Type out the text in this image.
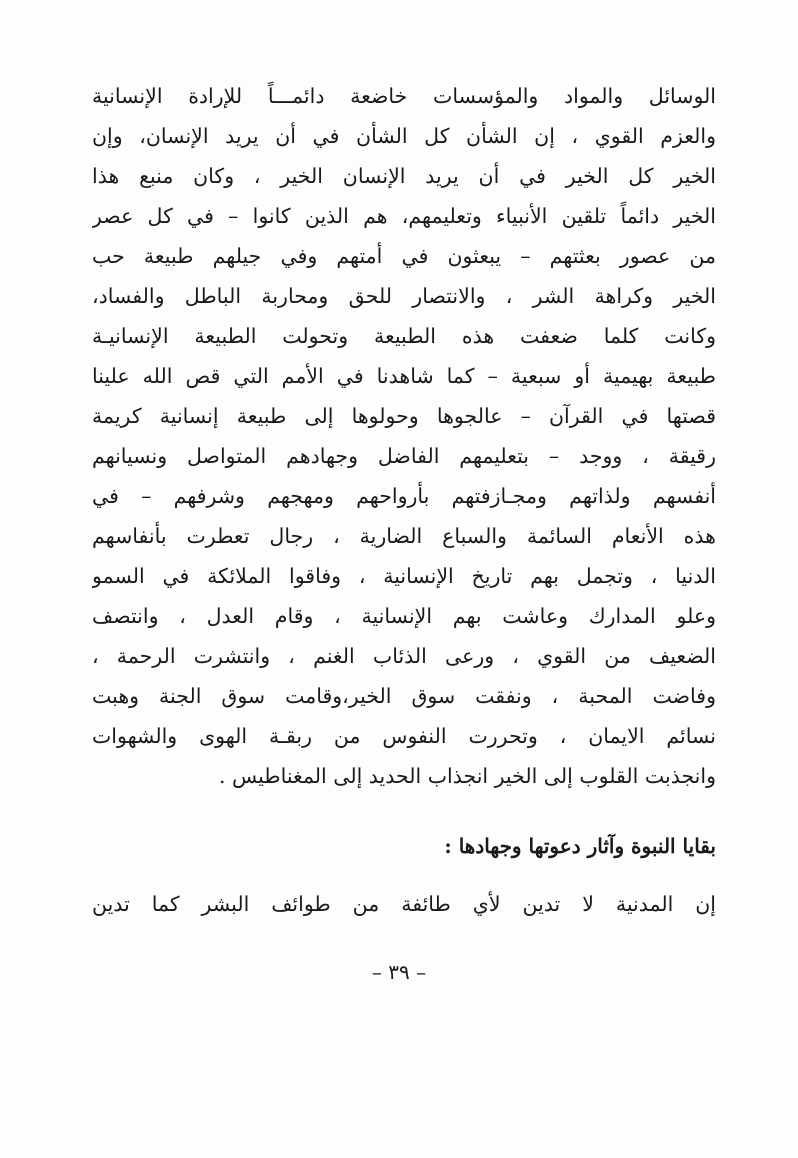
الوسائل والمواد والمؤسسات خاضعة دائمـــاً للإرادة الإنسانية
والعزم القوي ، إن الشأن كل الشأن في أن يريد الإنسان، وإن
الخير كل الخير في أن يريد الإنسان الخير ، وكان منبع هذا
الخير دائماً تلقين الأنبياء وتعليمهم، هم الذين كانوا – في كل عصر
من عصور بعثتهم – يبعثون في أمتهم وفي جيلهم طبيعة حب
الخير وكراهة الشر ، والانتصار للحق ومحاربة الباطل والفساد،
وكانت كلما ضعفت هذه الطبيعة وتحولت الطبيعة الإنسانيـة
طبيعة بهيمية أو سبعية – كما شاهدنا في الأمم التي قص الله علينا
قصتها في القرآن – عالجوها وحولوها إلى طبيعة إنسانية كريمة
رقيقة ، ووجد – بتعليمهم الفاضل وجهادهم المتواصل ونسيانهم
أنفسهم ولذاتهم ومجـازفتهم بأرواحهم ومهجهم وشرفهم – في
هذه الأنعام السائمة والسباع الضارية ، رجال تعطرت بأنفاسهم
الدنيا ، وتجمل بهم تاريخ الإنسانية ، وفاقوا الملائكة في السمو
وعلو المدارك وعاشت بهم الإنسانية ، وقام العدل ، وانتصف
الضعيف من القوي ، ورعى الذئاب الغنم ، وانتشرت الرحمة ،
وفاضت المحبة ، ونفقت سوق الخير،وقامت سوق الجنة وهبت
نسائم الايمان ، وتحررت النفوس من ربقـة الهوى والشهوات
وانجذبت القلوب إلى الخير انجذاب الحديد إلى المغناطيس .
بقايا النبوة وآثار دعوتها وجهادها :
إن المدنية لا تدين لأي طائفة من طوائف البشر كما تدين
– ٣٩ –
